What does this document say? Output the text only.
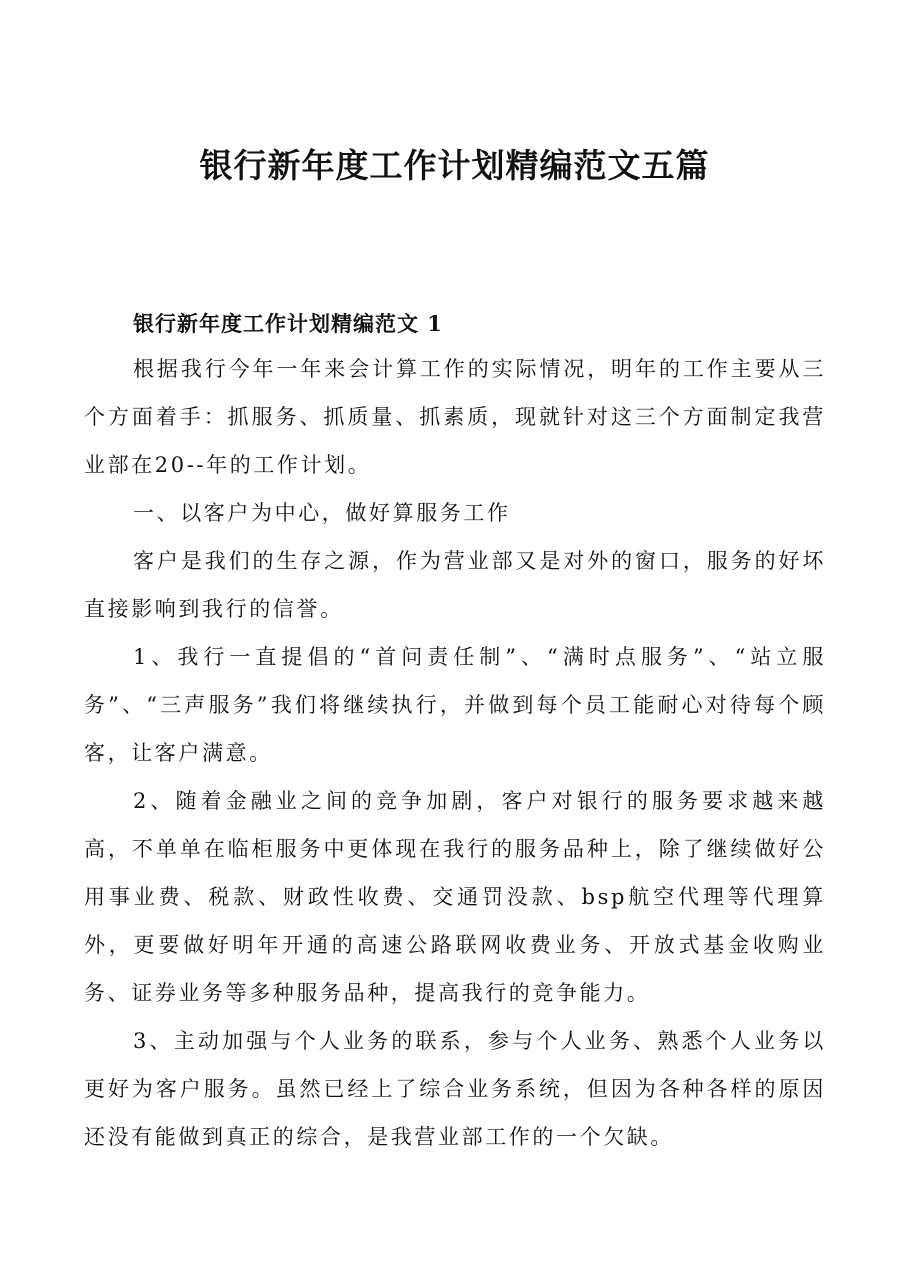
银行新年度工作计划精编范文五篇
银行新年度工作计划精编范文 1

根据我行今年一年来会计算工作的实际情况，明年的工作主要从三个方面着手：抓服务、抓质量、抓素质，现就针对这三个方面制定我营业部在20--年的工作计划。

一、以客户为中心，做好算服务工作

客户是我们的生存之源，作为营业部又是对外的窗口，服务的好坏直接影响到我行的信誉。

1、我行一直提倡的“首问责任制”、“满时点服务”、“站立服务”、“三声服务”我们将继续执行，并做到每个员工能耐心对待每个顾客，让客户满意。

2、随着金融业之间的竞争加剧，客户对银行的服务要求越来越高，不单单在临柜服务中更体现在我行的服务品种上，除了继续做好公用事业费、税款、财政性收费、交通罚没款、bsp航空代理等代理算外，更要做好明年开通的高速公路联网收费业务、开放式基金收购业务、证券业务等多种服务品种，提高我行的竞争能力。

3、主动加强与个人业务的联系，参与个人业务、熟悉个人业务以更好为客户服务。虽然已经上了综合业务系统，但因为各种各样的原因还没有能做到真正的综合，是我营业部工作的一个欠缺。
